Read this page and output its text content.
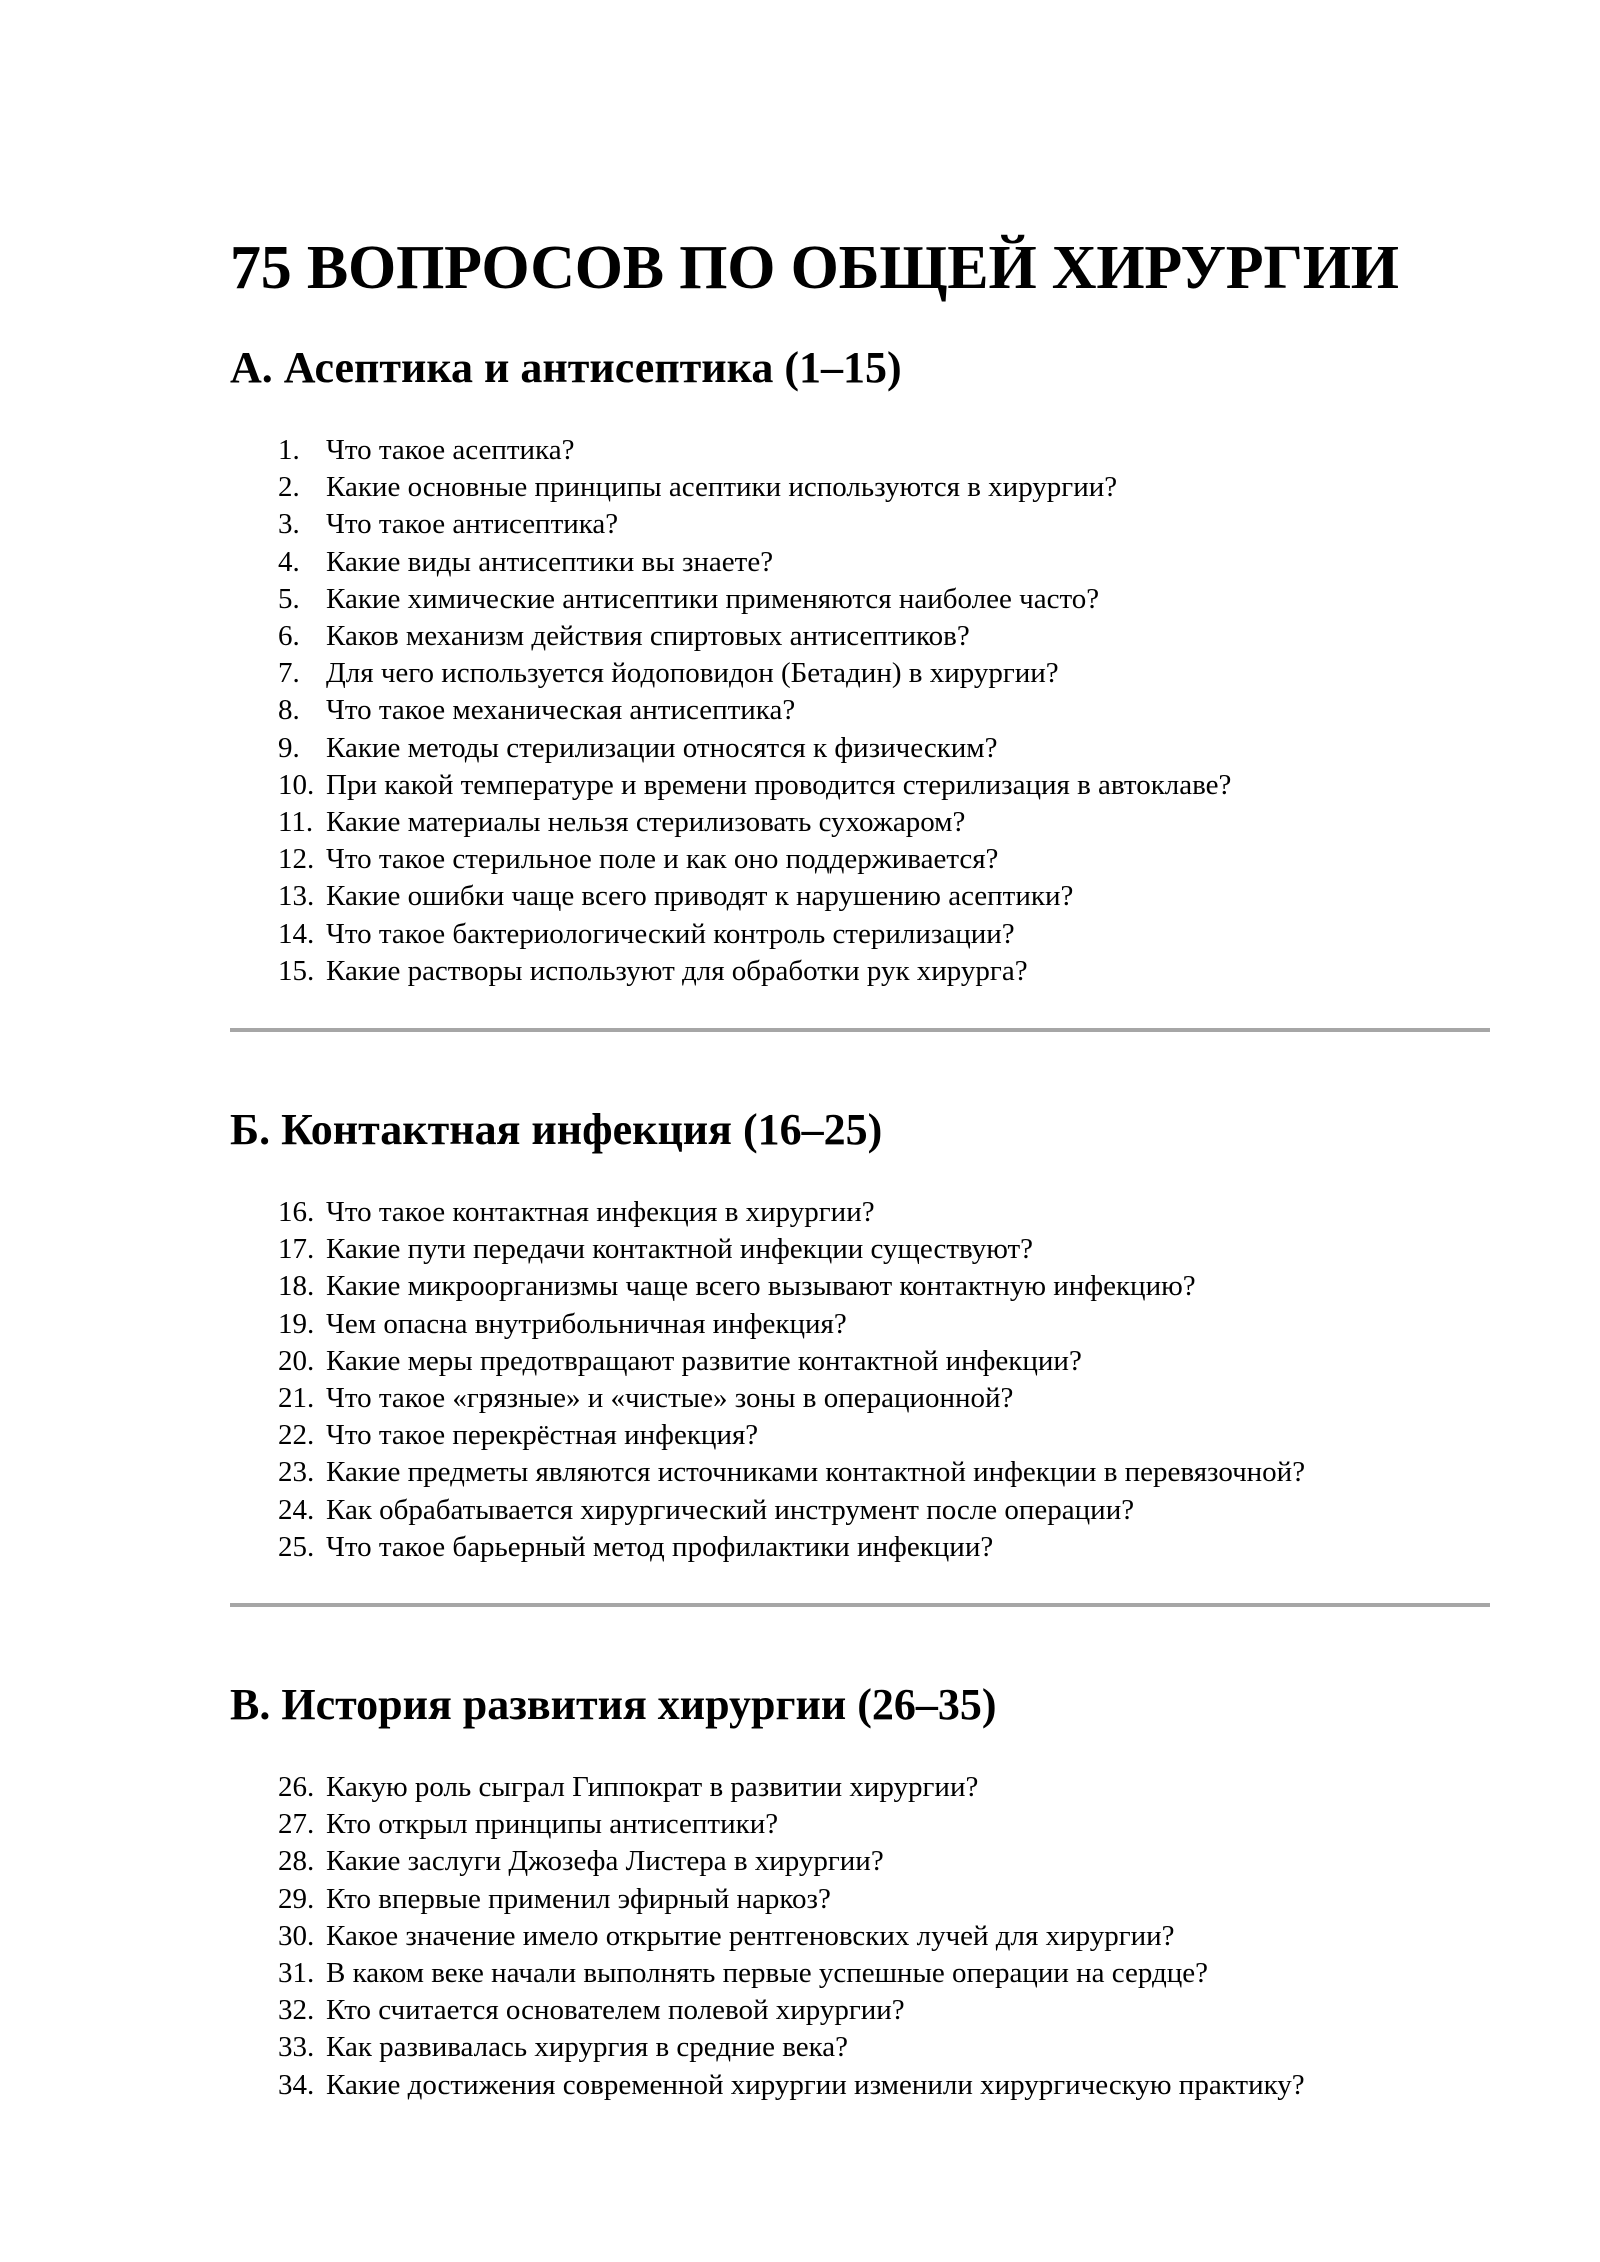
75 ВОПРОСОВ ПО ОБЩЕЙ ХИРУРГИИ
А. Асептика и антисептика (1–15)
1. Что такое асептика?
2. Какие основные принципы асептики используются в хирургии?
3. Что такое антисептика?
4. Какие виды антисептики вы знаете?
5. Какие химические антисептики применяются наиболее часто?
6. Каков механизм действия спиртовых антисептиков?
7. Для чего используется йодоповидон (Бетадин) в хирургии?
8. Что такое механическая антисептика?
9. Какие методы стерилизации относятся к физическим?
10. При какой температуре и времени проводится стерилизация в автоклаве?
11. Какие материалы нельзя стерилизовать сухожаром?
12. Что такое стерильное поле и как оно поддерживается?
13. Какие ошибки чаще всего приводят к нарушению асептики?
14. Что такое бактериологический контроль стерилизации?
15. Какие растворы используют для обработки рук хирурга?
Б. Контактная инфекция (16–25)
16. Что такое контактная инфекция в хирургии?
17. Какие пути передачи контактной инфекции существуют?
18. Какие микроорганизмы чаще всего вызывают контактную инфекцию?
19. Чем опасна внутрибольничная инфекция?
20. Какие меры предотвращают развитие контактной инфекции?
21. Что такое «грязные» и «чистые» зоны в операционной?
22. Что такое перекрёстная инфекция?
23. Какие предметы являются источниками контактной инфекции в перевязочной?
24. Как обрабатывается хирургический инструмент после операции?
25. Что такое барьерный метод профилактики инфекции?
В. История развития хирургии (26–35)
26. Какую роль сыграл Гиппократ в развитии хирургии?
27. Кто открыл принципы антисептики?
28. Какие заслуги Джозефа Листера в хирургии?
29. Кто впервые применил эфирный наркоз?
30. Какое значение имело открытие рентгеновских лучей для хирургии?
31. В каком веке начали выполнять первые успешные операции на сердце?
32. Кто считается основателем полевой хирургии?
33. Как развивалась хирургия в средние века?
34. Какие достижения современной хирургии изменили хирургическую практику?
